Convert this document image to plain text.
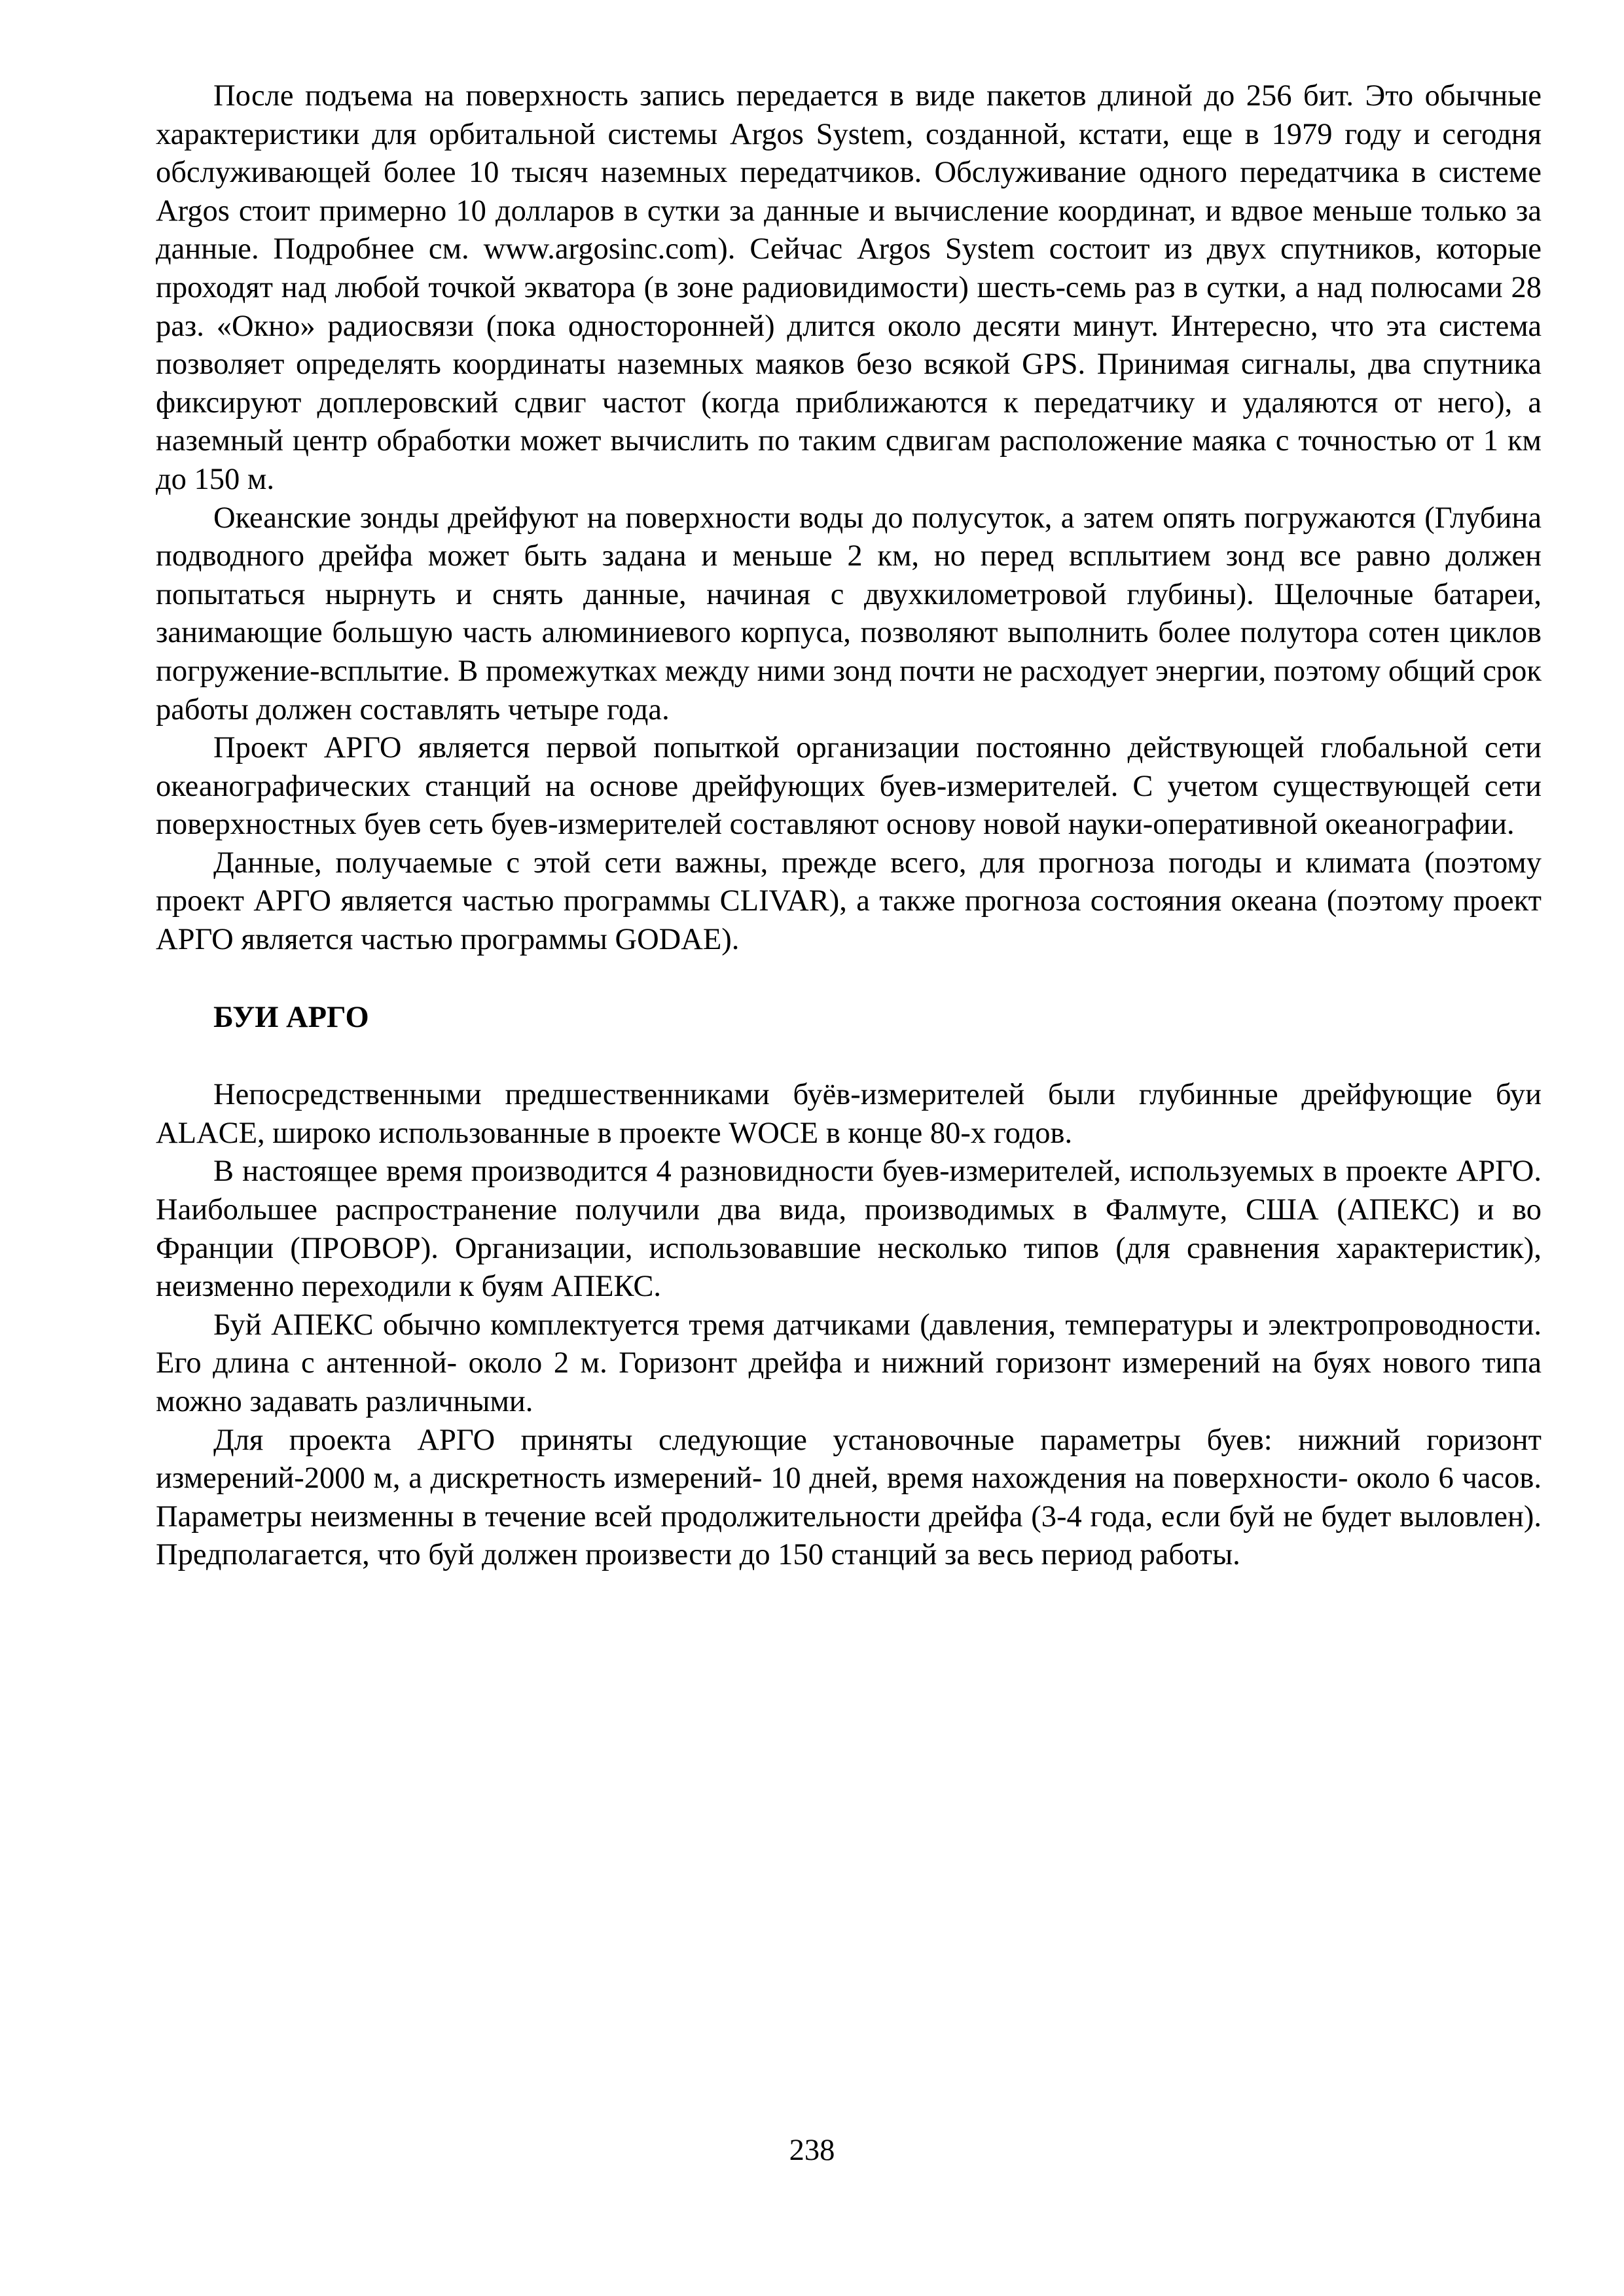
После подъема на поверхность запись передается в виде пакетов длиной до 256 бит. Это обычные характеристики для орбитальной системы Argos System, созданной, кстати, еще в 1979 году и сегодня обслуживающей более 10 тысяч наземных передатчиков. Обслуживание одного передатчика в системе Argos стоит примерно 10 долларов в сутки за данные и вычисление координат, и вдвое меньше только за данные. Подробнее см. www.argosinc.com). Сейчас Argos System состоит из двух спутников, которые проходят над любой точкой экватора (в зоне радиовидимости) шесть-семь раз в сутки, а над полюсами 28 раз. «Окно» радиосвязи (пока односторонней) длится около десяти минут. Интересно, что эта система позволяет определять координаты наземных маяков безо всякой GPS. Принимая сигналы, два спутника фиксируют доплеровский сдвиг частот (когда приближаются к передатчику и удаляются от него), а наземный центр обработки может вычислить по таким сдвигам расположение маяка с точностью от 1 км до 150 м.

Океанские зонды дрейфуют на поверхности воды до полусуток, а затем опять погружаются (Глубина подводного дрейфа может быть задана и меньше 2 км, но перед всплытием зонд все равно должен попытаться нырнуть и снять данные, начиная с двухкилометровой глубины). Щелочные батареи, занимающие большую часть алюминиевого корпуса, позволяют выполнить более полутора сотен циклов погружение-всплытие. В промежутках между ними зонд почти не расходует энергии, поэтому общий срок работы должен составлять четыре года.

Проект АРГО является первой попыткой организации постоянно действующей глобальной сети океанографических станций на основе дрейфующих буев-измерителей. С учетом существующей сети поверхностных буев сеть буев-измерителей составляют основу новой науки-оперативной океанографии.

Данные, получаемые с этой сети важны, прежде всего, для прогноза погоды и климата (поэтому проект АРГО является частью программы CLIVAR), а также прогноза состояния океана (поэтому проект АРГО является частью программы GODAE).

БУИ АРГО

Непосредственными предшественниками буёв-измерителей были глубинные дрейфующие буи ALACE, широко использованные в проекте WOCE в конце 80-х годов.

В настоящее время производится 4 разновидности буев-измерителей, используемых в проекте АРГО. Наибольшее распространение получили два вида, производимых в Фалмуте, США (АПЕКС) и во Франции (ПРОВОР). Организации, использовавшие несколько типов (для сравнения характеристик), неизменно переходили к буям АПЕКС.

Буй АПЕКС обычно комплектуется тремя датчиками (давления, температуры и электропроводности. Его длина с антенной- около 2 м. Горизонт дрейфа и нижний горизонт измерений на буях нового типа можно задавать различными.

Для проекта АРГО приняты следующие установочные параметры буев: нижний горизонт измерений-2000 м, а дискретность измерений- 10 дней, время нахождения на поверхности- около 6 часов. Параметры неизменны в течение всей продолжительности дрейфа (3-4 года, если буй не будет выловлен). Предполагается, что буй должен произвести до 150 станций за весь период работы.

238
